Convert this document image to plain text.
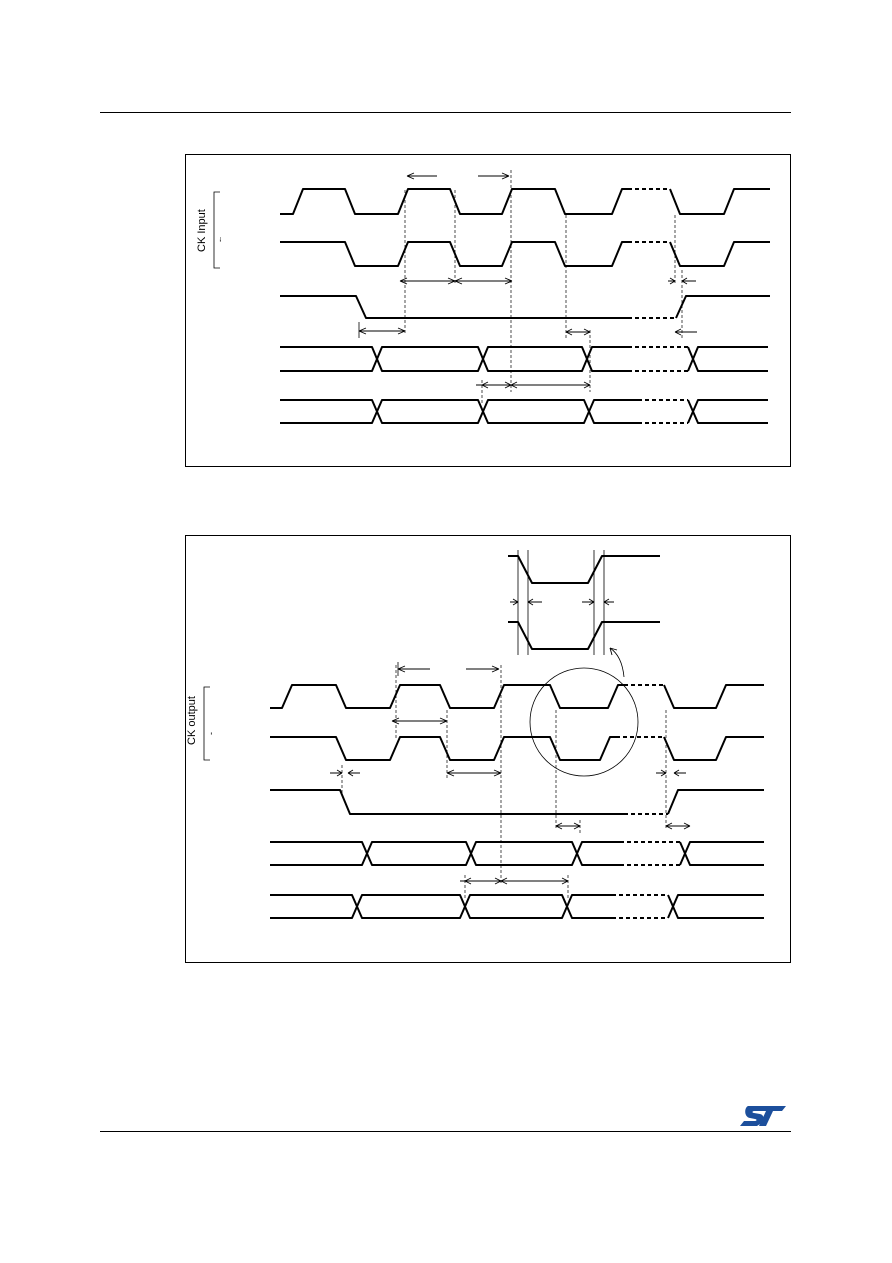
CK Input -
CK output -
